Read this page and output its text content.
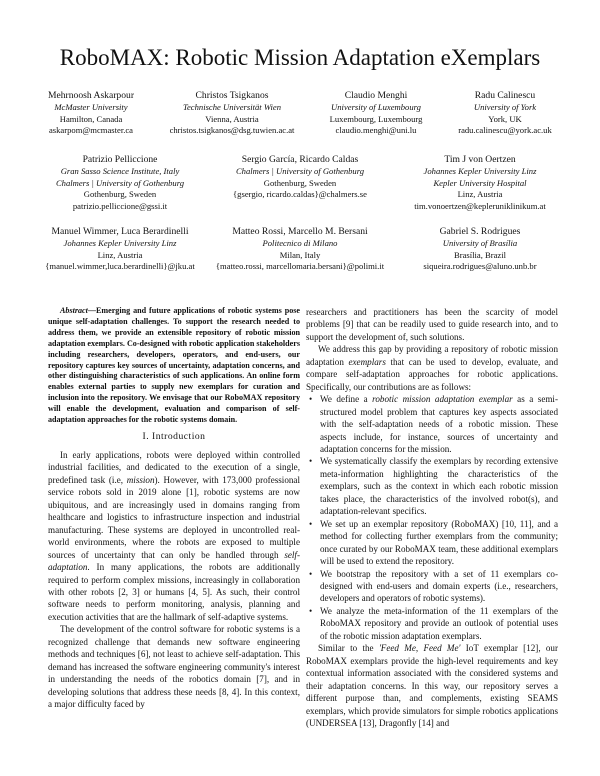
RoboMAX: Robotic Mission Adaptation eXemplars
Mehrnoosh Askarpour
McMaster University
Hamilton, Canada
askarpom@mcmaster.ca
Christos Tsigkanos
Technische Universität Wien
Vienna, Austria
christos.tsigkanos@dsg.tuwien.ac.at
Claudio Menghi
University of Luxembourg
Luxembourg, Luxembourg
claudio.menghi@uni.lu
Radu Calinescu
University of York
York, UK
radu.calinescu@york.ac.uk
Patrizio Pelliccione
Gran Sasso Science Institute, Italy
Chalmers | University of Gothenburg
Gothenburg, Sweden
patrizio.pelliccione@gssi.it
Sergio García, Ricardo Caldas
Chalmers | University of Gothenburg
Gothenburg, Sweden
{gsergio, ricardo.caldas}@chalmers.se
Tim J von Oertzen
Johannes Kepler University Linz
Kepler University Hospital
Linz, Austria
tim.vonoertzen@kepleruniklinikum.at
Manuel Wimmer, Luca Berardinelli
Johannes Kepler University Linz
Linz, Austria
{manuel.wimmer,luca.berardinelli}@jku.at
Matteo Rossi, Marcello M. Bersani
Politecnico di Milano
Milan, Italy
{matteo.rossi, marcellomaria.bersani}@polimi.it
Gabriel S. Rodrigues
University of Brasília
Brasília, Brazil
siqueira.rodrigues@aluno.unb.br

Abstract—Emerging and future applications of robotic systems pose unique self-adaptation challenges. To support the research needed to address them, we provide an extensible repository of robotic mission adaptation exemplars. Co-designed with robotic application stakeholders including researchers, developers, operators, and end-users, our repository captures key sources of uncertainty, adaptation concerns, and other distinguishing characteristics of such applications. An online form enables external parties to supply new exemplars for curation and inclusion into the repository. We envisage that our RoboMAX repository will enable the development, evaluation and comparison of self-adaptation approaches for the robotic systems domain.

I. Introduction

In early applications, robots were deployed within controlled industrial facilities, and dedicated to the execution of a single, predefined task (i.e, mission). However, with 173,000 professional service robots sold in 2019 alone [1], robotic systems are now ubiquitous, and are increasingly used in domains ranging from healthcare and logistics to infrastructure inspection and industrial manufacturing. These systems are deployed in uncontrolled real-world environments, where the robots are exposed to multiple sources of uncertainty that can only be handled through self-adaptation. In many applications, the robots are additionally required to perform complex missions, increasingly in collaboration with other robots [2, 3] or humans [4, 5]. As such, their control software needs to perform monitoring, analysis, planning and execution activities that are the hallmark of self-adaptive systems.

The development of the control software for robotic systems is a recognized challenge that demands new software engineering methods and techniques [6], not least to achieve self-adaptation. This demand has increased the software engineering community's interest in understanding the needs of the robotics domain [7], and in developing solutions that address these needs [8, 4]. In this context, a major difficulty faced by

researchers and practitioners has been the scarcity of model problems [9] that can be readily used to guide research into, and to support the development of, such solutions.

We address this gap by providing a repository of robotic mission adaptation exemplars that can be used to develop, evaluate, and compare self-adaptation approaches for robotic applications. Specifically, our contributions are as follows:

• We define a robotic mission adaptation exemplar as a semi-structured model problem that captures key aspects associated with the self-adaptation needs of a robotic mission. These aspects include, for instance, sources of uncertainty and adaptation concerns for the mission.
• We systematically classify the exemplars by recording extensive meta-information highlighting the characteristics of the exemplars, such as the context in which each robotic mission takes place, the characteristics of the involved robot(s), and adaptation-relevant specifics.
• We set up an exemplar repository (RoboMAX) [10, 11], and a method for collecting further exemplars from the community; once curated by our RoboMAX team, these additional exemplars will be used to extend the repository.
• We bootstrap the repository with a set of 11 exemplars co-designed with end-users and domain experts (i.e., researchers, developers and operators of robotic systems).
• We analyze the meta-information of the 11 exemplars of the RoboMAX repository and provide an outlook of potential uses of the robotic mission adaptation exemplars.

Similar to the 'Feed Me, Feed Me' IoT exemplar [12], our RoboMAX exemplars provide the high-level requirements and key contextual information associated with the considered systems and their adaptation concerns. In this way, our repository serves a different purpose than, and complements, existing SEAMS exemplars, which provide simulators for simple robotics applications (UNDERSEA [13], Dragonfly [14] and
